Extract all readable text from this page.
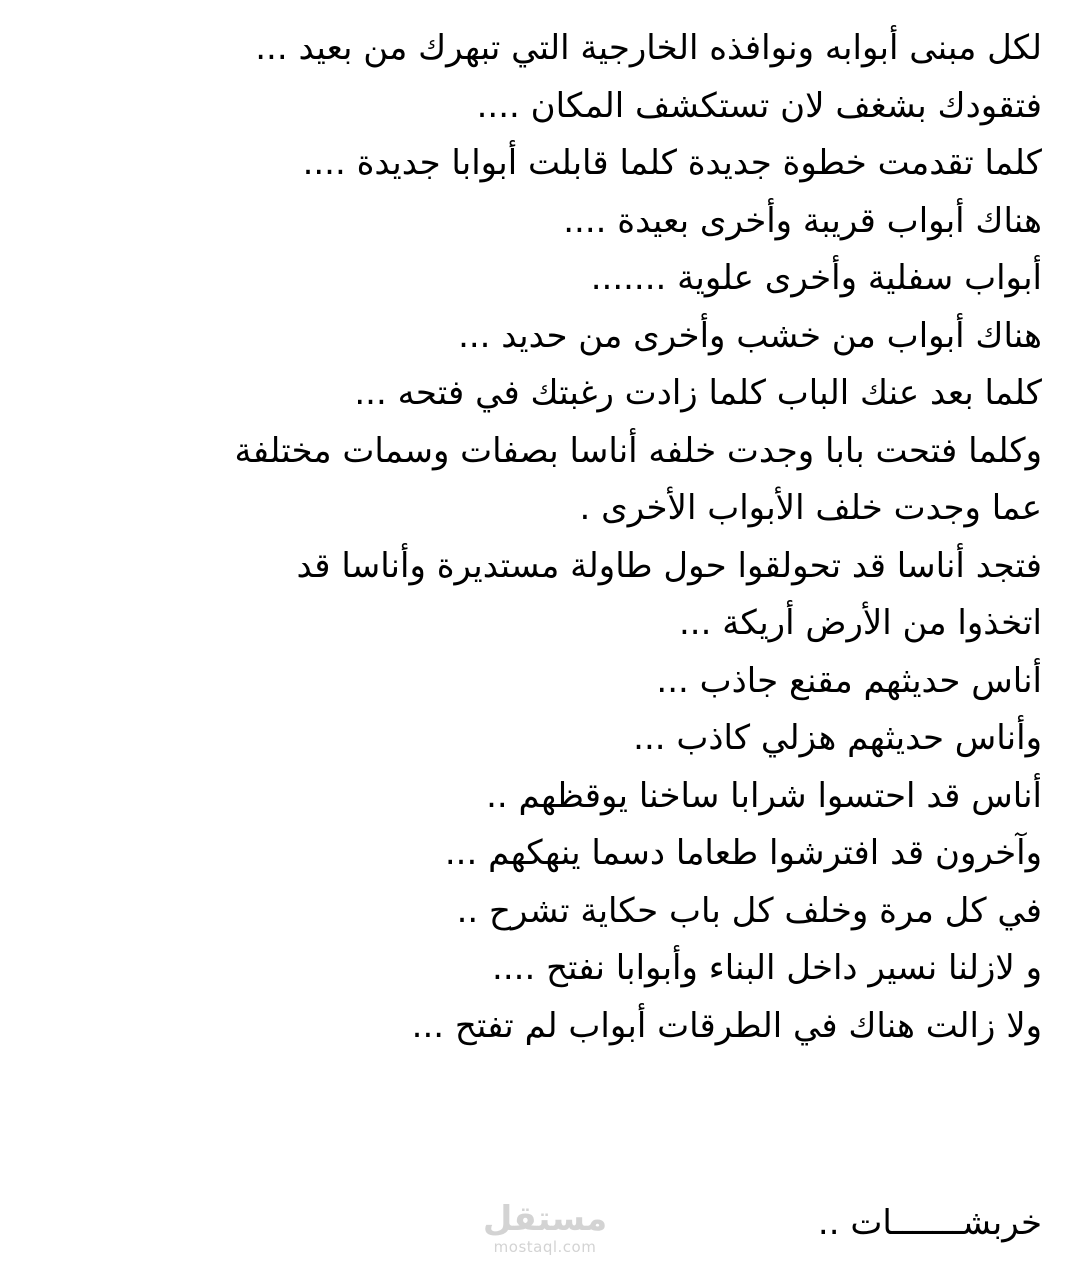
لكل مبنى أبوابه ونوافذه الخارجية التي تبهرك من بعيد ...
فتقودك بشغف لان تستكشف المكان ....
كلما تقدمت خطوة جديدة كلما قابلت أبوابا جديدة ....
هناك أبواب قريبة وأخرى بعيدة ....
أبواب سفلية وأخرى علوية .......
هناك أبواب من خشب وأخرى من حديد ...
كلما بعد عنك الباب كلما زادت رغبتك في فتحه ...
وكلما فتحت بابا وجدت خلفه أناسا بصفات وسمات مختلفة
عما وجدت خلف الأبواب الأخرى .
فتجد أناسا قد تحولقوا حول طاولة مستديرة وأناسا قد
اتخذوا من الأرض أريكة ...
أناس حديثهم مقنع جاذب ...
وأناس حديثهم هزلي كاذب ...
أناس قد احتسوا شرابا ساخنا يوقظهم ..
وآخرون قد افترشوا طعاما دسما ينهكهم ...
في كل مرة وخلف كل باب حكاية تشرح ..
و لازلنا نسير داخل البناء وأبوابا نفتح ....
ولا زالت هناك في الطرقات أبواب لم تفتح ...
مستقل
mostaql.com
خربشـــــــات ..
